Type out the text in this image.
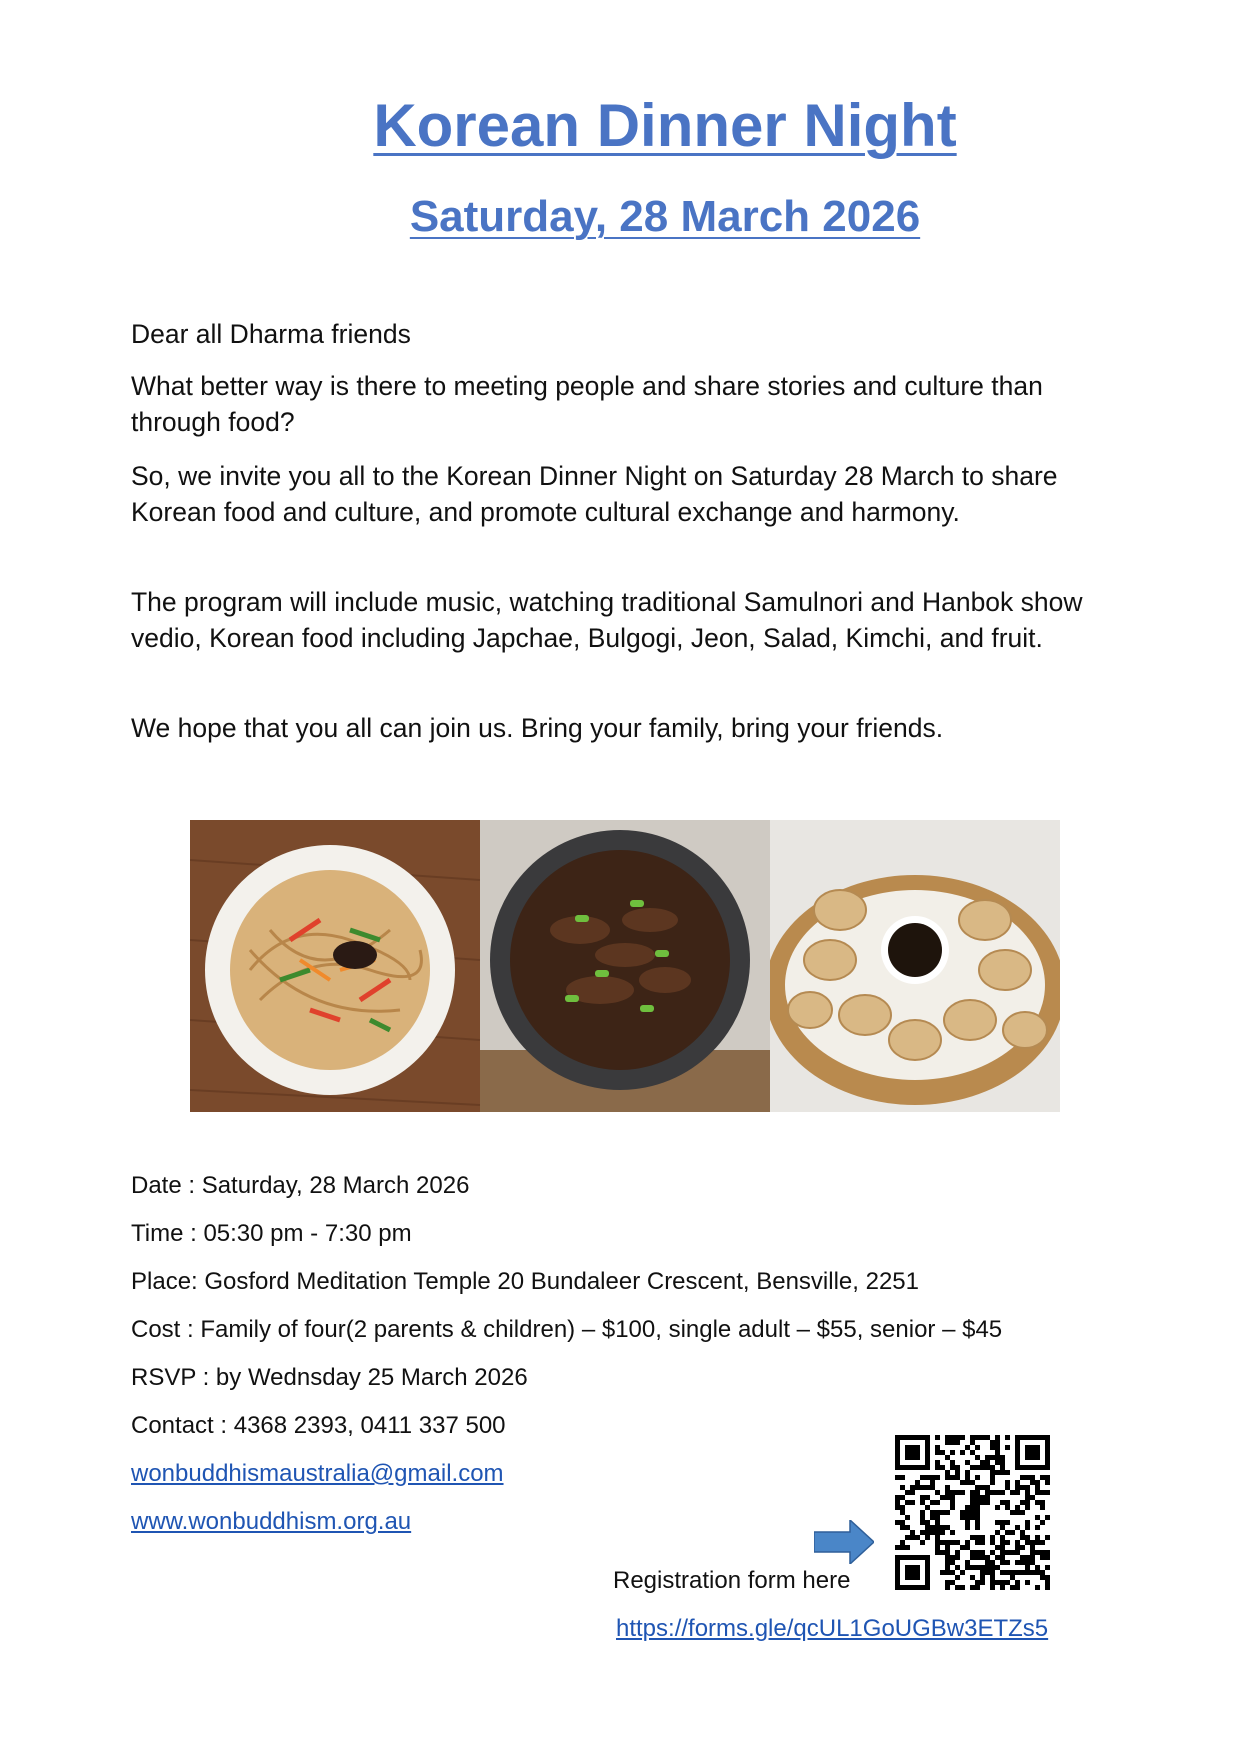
Korean Dinner Night
Saturday, 28 March 2026

Dear all Dharma friends

What better way is there to meeting people and share stories and culture than through food?

So, we invite you all to the Korean Dinner Night on Saturday 28 March to share Korean food and culture, and promote cultural exchange and harmony.

The program will include music, watching traditional Samulnori and Hanbok show vedio, Korean food including Japchae, Bulgogi, Jeon, Salad, Kimchi, and fruit.

We hope that you all can join us. Bring your family, bring your friends.

Date : Saturday, 28 March 2026

Time : 05:30 pm - 7:30 pm

Place: Gosford Meditation Temple 20 Bundaleer Crescent, Bensville, 2251

Cost : Family of four(2 parents & children) – $100, single adult – $55, senior – $45

RSVP : by Wednsday 25 March 2026

Contact : 4368 2393, 0411 337 500

wonbuddhismaustralia@gmail.com

www.wonbuddhism.org.au

Registration form here
https://forms.gle/qcUL1GoUGBw3ETZs5
